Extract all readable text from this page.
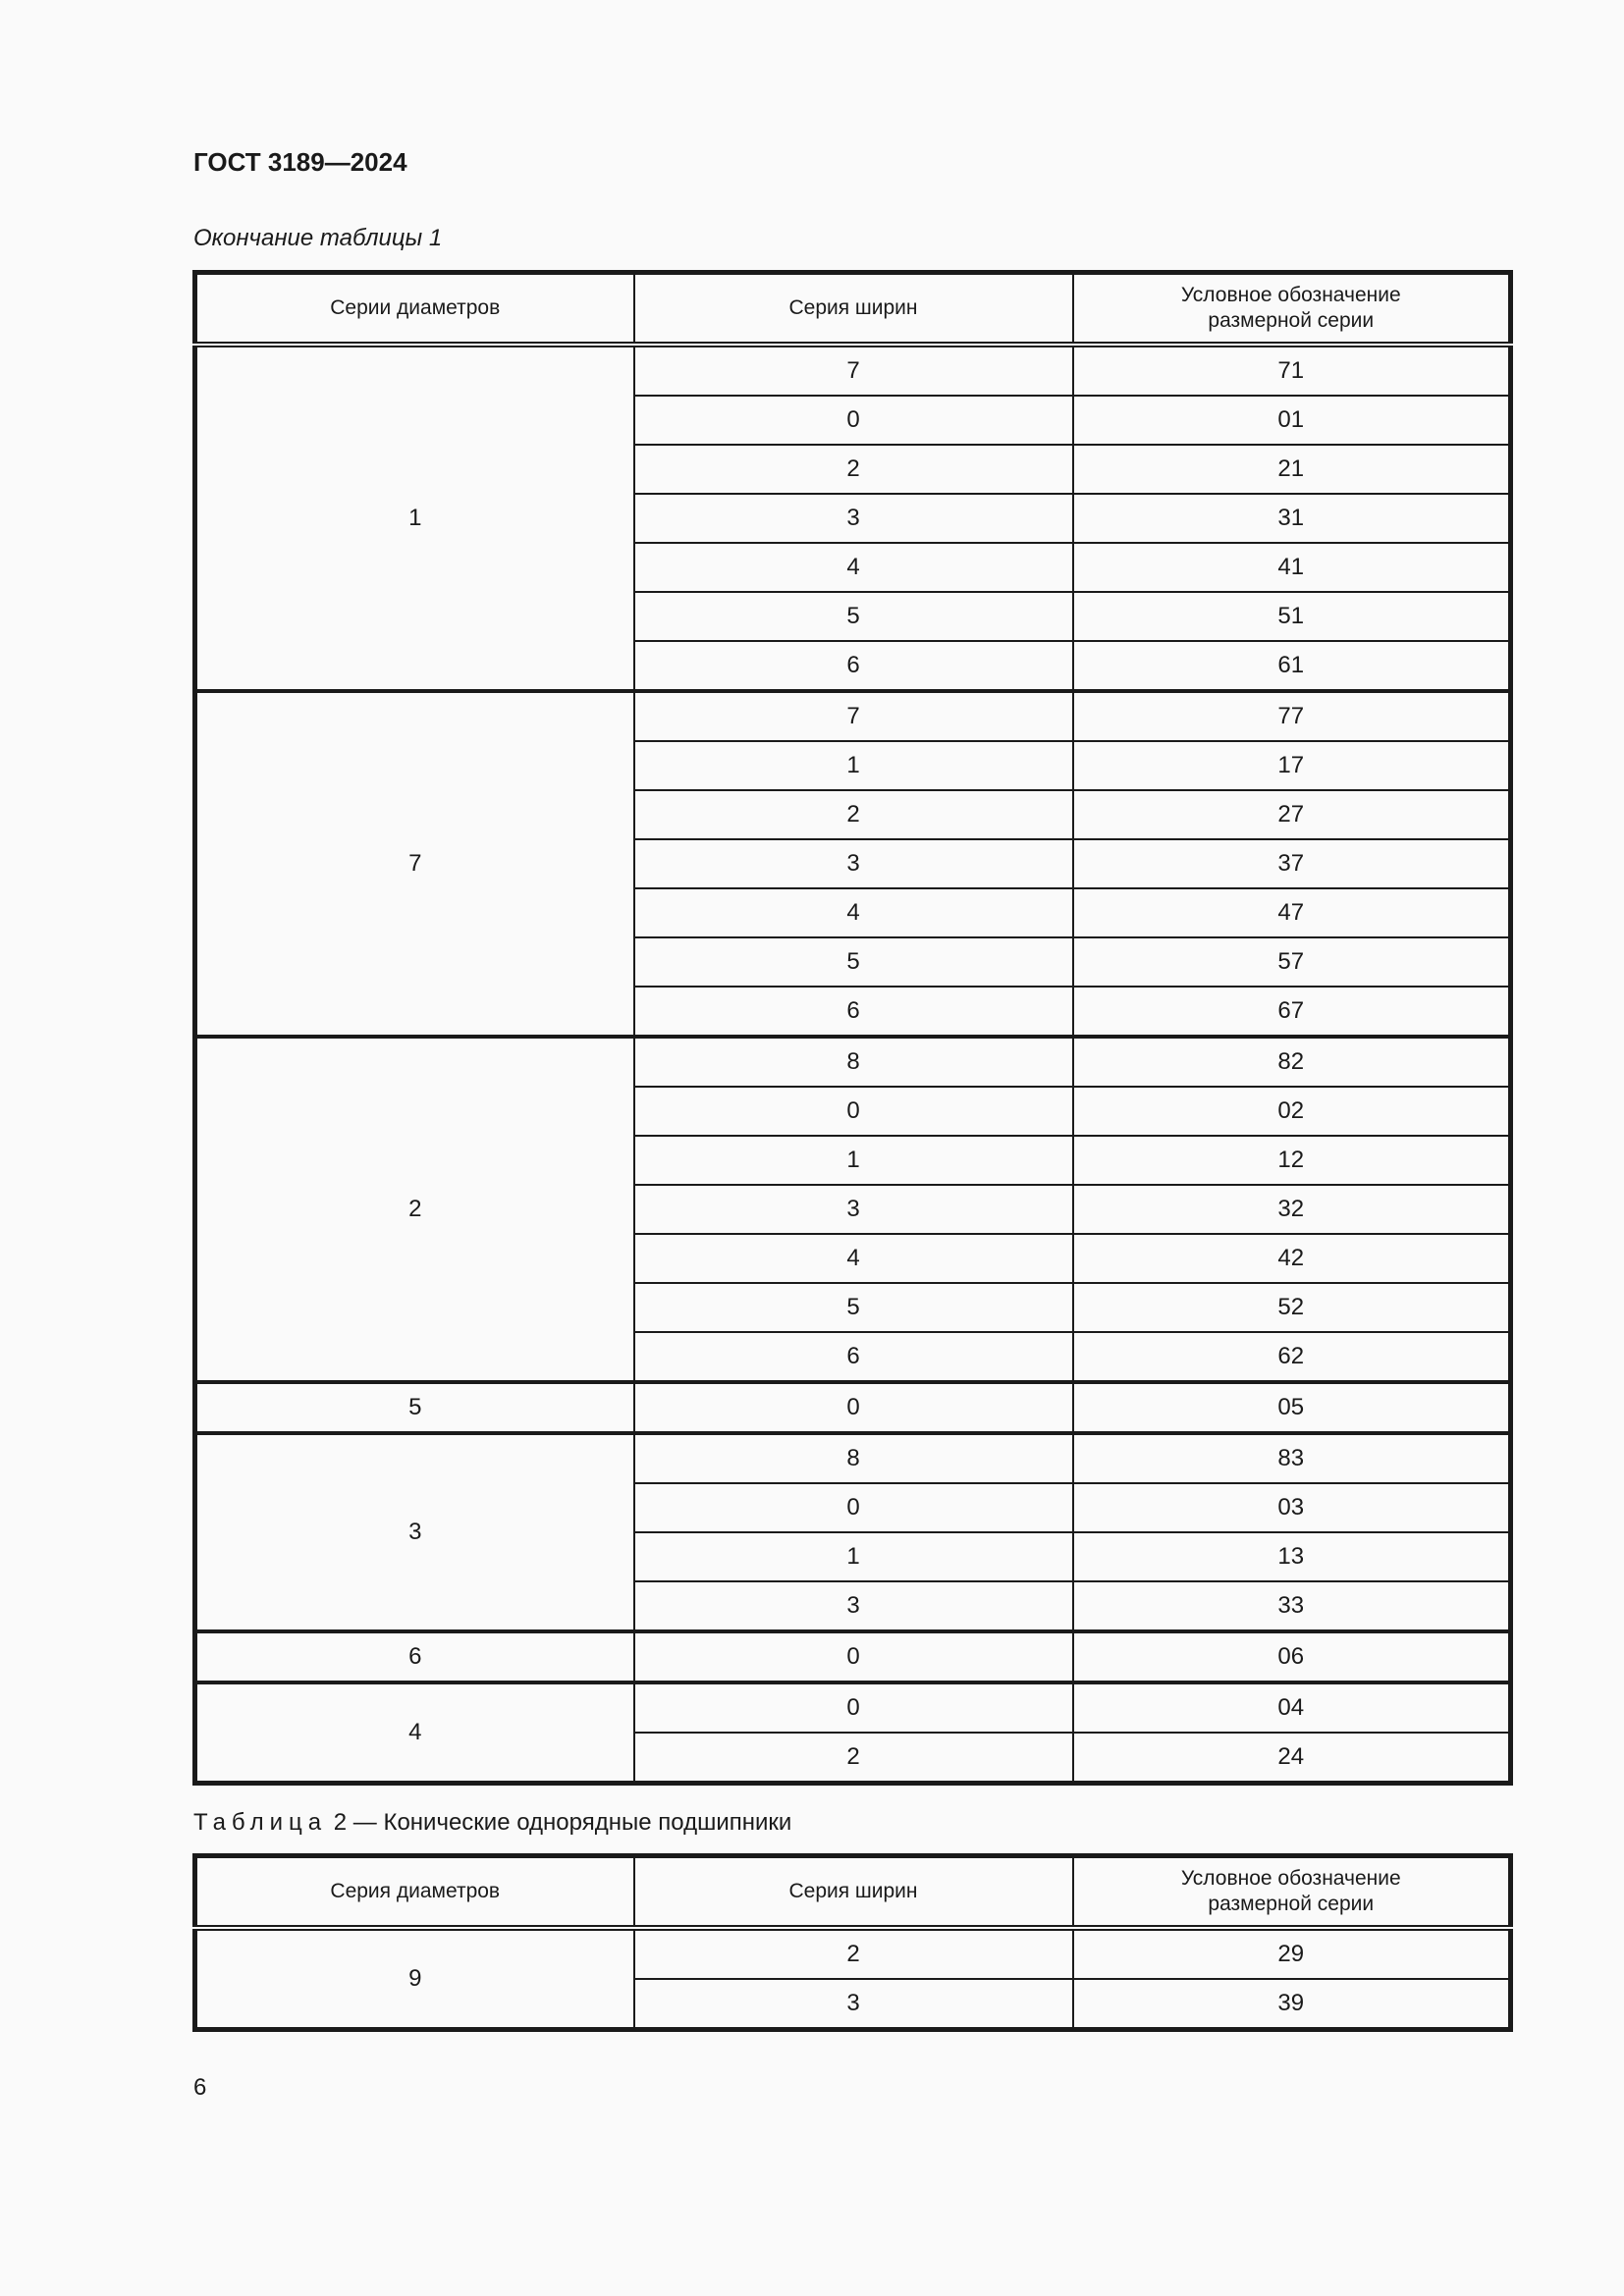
ГОСТ 3189—2024
Окончание таблицы 1
Серии диаметров	Серия ширин	Условное обозначение размерной серии
1	7	71
	0	01
	2	21
	3	31
	4	41
	5	51
	6	61
7	7	77
	1	17
	2	27
	3	37
	4	47
	5	57
	6	67
2	8	82
	0	02
	1	12
	3	32
	4	42
	5	52
	6	62
5	0	05
3	8	83
	0	03
	1	13
	3	33
6	0	06
4	0	04
	2	24
Таблица 2 — Конические однорядные подшипники
Серия диаметров	Серия ширин	Условное обозначение размерной серии
9	2	29
	3	39
6
